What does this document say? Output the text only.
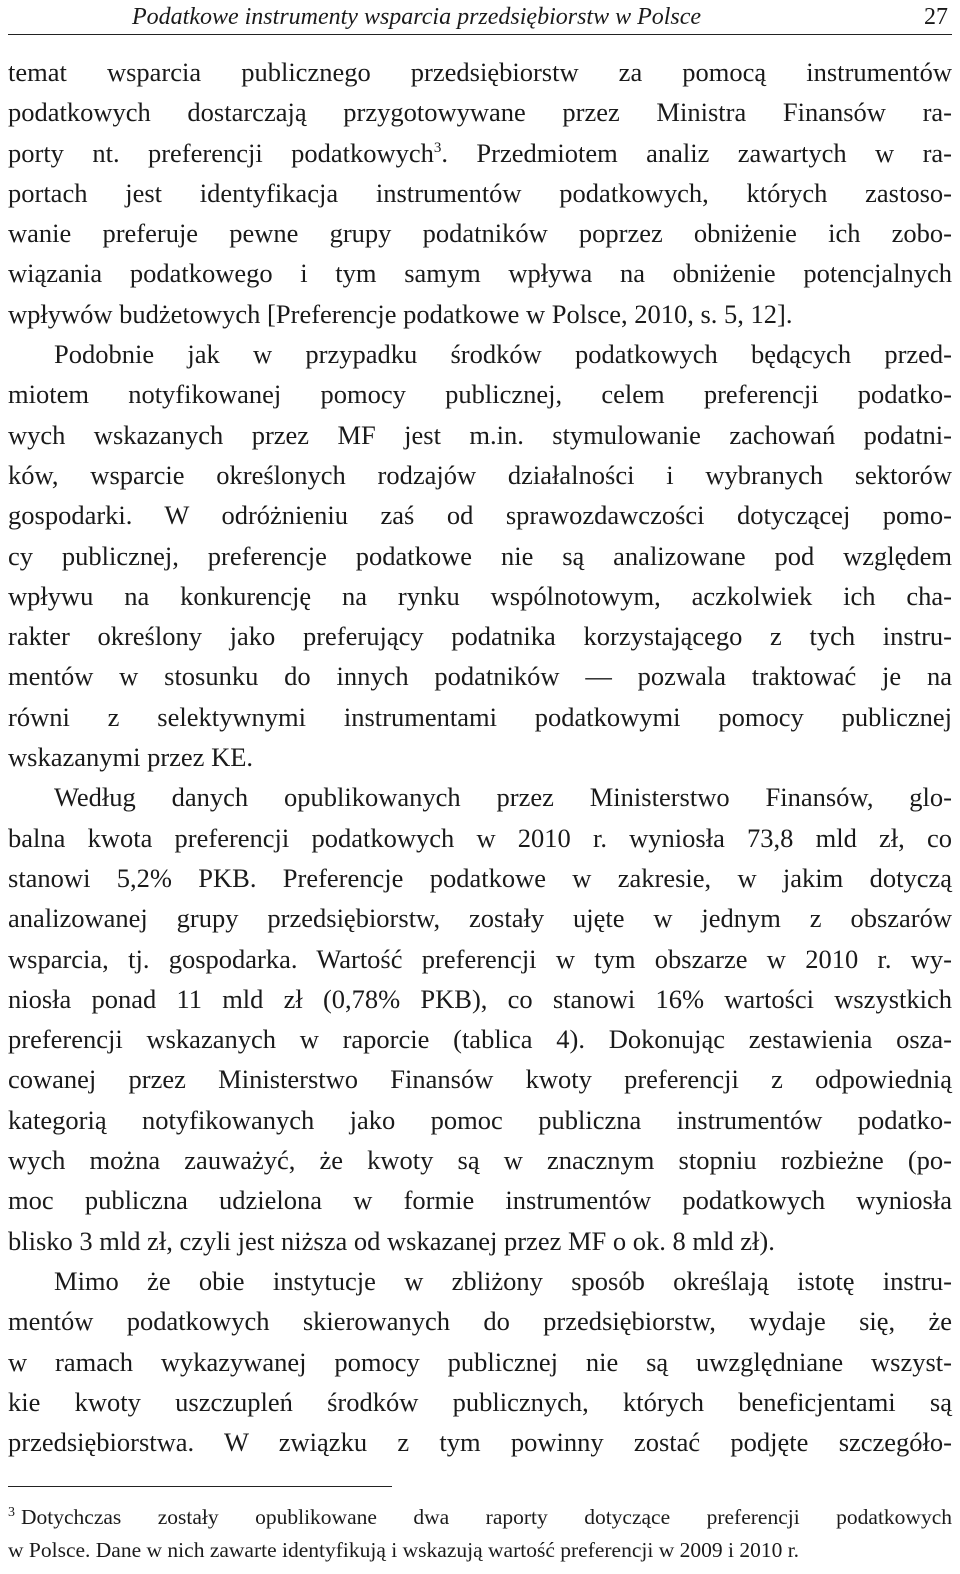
Podatkowe instrumenty wsparcia przedsiębiorstw w Polsce	27
temat wsparcia publicznego przedsiębiorstw za pomocą instrumentów
podatkowych dostarczają przygotowywane przez Ministra Finansów ra-
porty nt. preferencji podatkowych$^3$. Przedmiotem analiz zawartych w ra-
portach jest identyfikacja instrumentów podatkowych, których zastoso-
wanie preferuje pewne grupy podatników poprzez obniżenie ich zobo-
wiązania podatkowego i tym samym wpływa na obniżenie potencjalnych
wpływów budżetowych [Preferencje podatkowe w Polsce, 2010, s. 5, 12].
Podobnie jak w przypadku środków podatkowych będących przed-
miotem notyfikowanej pomocy publicznej, celem preferencji podatko-
wych wskazanych przez MF jest m.in. stymulowanie zachowań podatni-
ków, wsparcie określonych rodzajów działalności i wybranych sektorów
gospodarki. W odróżnieniu zaś od sprawozdawczości dotyczącej pomo-
cy publicznej, preferencje podatkowe nie są analizowane pod względem
wpływu na konkurencję na rynku wspólnotowym, aczkolwiek ich cha-
rakter określony jako preferujący podatnika korzystającego z tych instru-
mentów w stosunku do innych podatników — pozwala traktować je na
równi z selektywnymi instrumentami podatkowymi pomocy publicznej
wskazanymi przez KE.
Według danych opublikowanych przez Ministerstwo Finansów, glo-
balna kwota preferencji podatkowych w 2010 r. wyniosła 73,8 mld zł, co
stanowi 5,2% PKB. Preferencje podatkowe w zakresie, w jakim dotyczą
analizowanej grupy przedsiębiorstw, zostały ujęte w jednym z obszarów
wsparcia, tj. gospodarka. Wartość preferencji w tym obszarze w 2010 r. wy-
niosła ponad 11 mld zł (0,78% PKB), co stanowi 16% wartości wszystkich
preferencji wskazanych w raporcie (tablica 4). Dokonując zestawienia osza-
cowanej przez Ministerstwo Finansów kwoty preferencji z odpowiednią
kategorią notyfikowanych jako pomoc publiczna instrumentów podatko-
wych można zauważyć, że kwoty są w znacznym stopniu rozbieżne (po-
moc publiczna udzielona w formie instrumentów podatkowych wyniosła
blisko 3 mld zł, czyli jest niższa od wskazanej przez MF o ok. 8 mld zł).
Mimo że obie instytucje w zbliżony sposób określają istotę instru-
mentów podatkowych skierowanych do przedsiębiorstw, wydaje się, że
w ramach wykazywanej pomocy publicznej nie są uwzględniane wszyst-
kie kwoty uszczupleń środków publicznych, których beneficjentami są
przedsiębiorstwa. W związku z tym powinny zostać podjęte szczegóło-
$^3$ Dotychczas zostały opublikowane dwa raporty dotyczące preferencji podatkowych
w Polsce. Dane w nich zawarte identyfikują i wskazują wartość preferencji w 2009 i 2010 r.
